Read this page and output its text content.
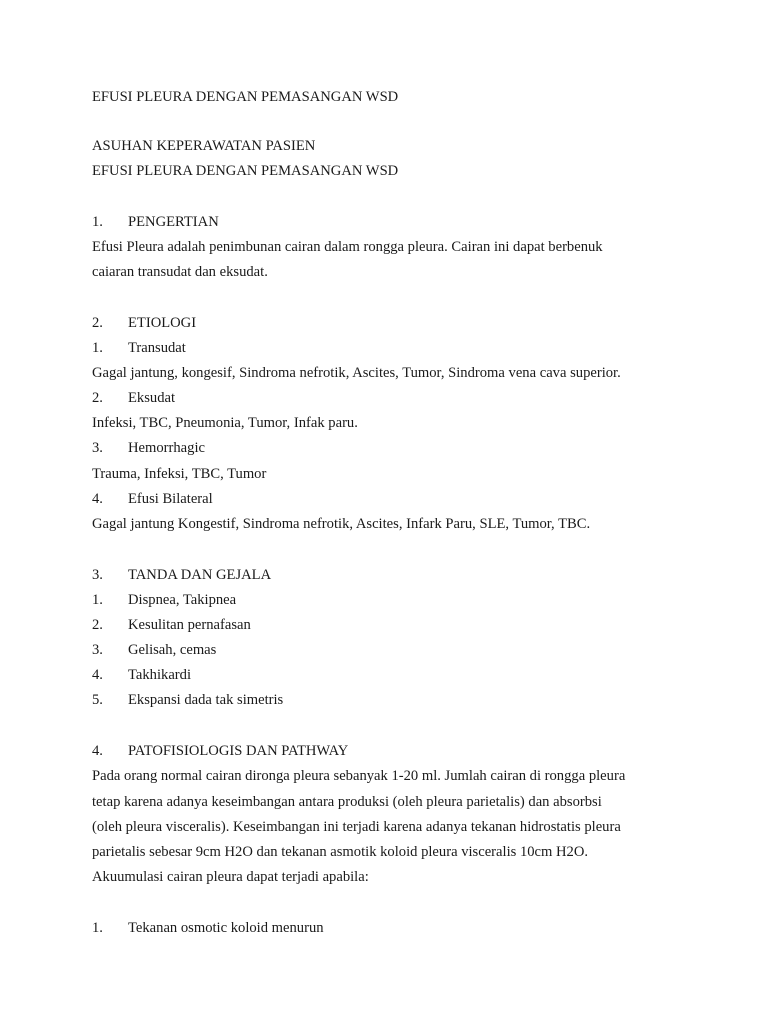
EFUSI PLEURA DENGAN PEMASANGAN WSD
ASUHAN KEPERAWATAN PASIEN
EFUSI PLEURA DENGAN PEMASANGAN WSD
1. PENGERTIAN
Efusi Pleura adalah penimbunan cairan dalam rongga pleura. Cairan ini dapat berbenuk
caiaran transudat dan eksudat.
2. ETIOLOGI
1. Transudat
Gagal jantung, kongesif, Sindroma nefrotik, Ascites, Tumor, Sindroma vena cava superior.
2. Eksudat
Infeksi, TBC, Pneumonia, Tumor, Infak paru.
3. Hemorrhagic
Trauma, Infeksi, TBC, Tumor
4. Efusi Bilateral
Gagal jantung Kongestif, Sindroma nefrotik, Ascites, Infark Paru, SLE, Tumor, TBC.
3. TANDA DAN GEJALA
1. Dispnea, Takipnea
2. Kesulitan pernafasan
3. Gelisah, cemas
4. Takhikardi
5. Ekspansi dada tak simetris
4. PATOFISIOLOGIS DAN PATHWAY
Pada orang normal cairan dironga pleura sebanyak 1-20 ml. Jumlah cairan di rongga pleura
tetap karena adanya keseimbangan antara produksi (oleh pleura parietalis) dan absorbsi
(oleh pleura visceralis). Keseimbangan ini terjadi karena adanya tekanan hidrostatis pleura
parietalis sebesar 9cm H2O dan tekanan asmotik koloid pleura visceralis 10cm H2O.
Akuumulasi cairan pleura dapat terjadi apabila:
1. Tekanan osmotic koloid menurun
